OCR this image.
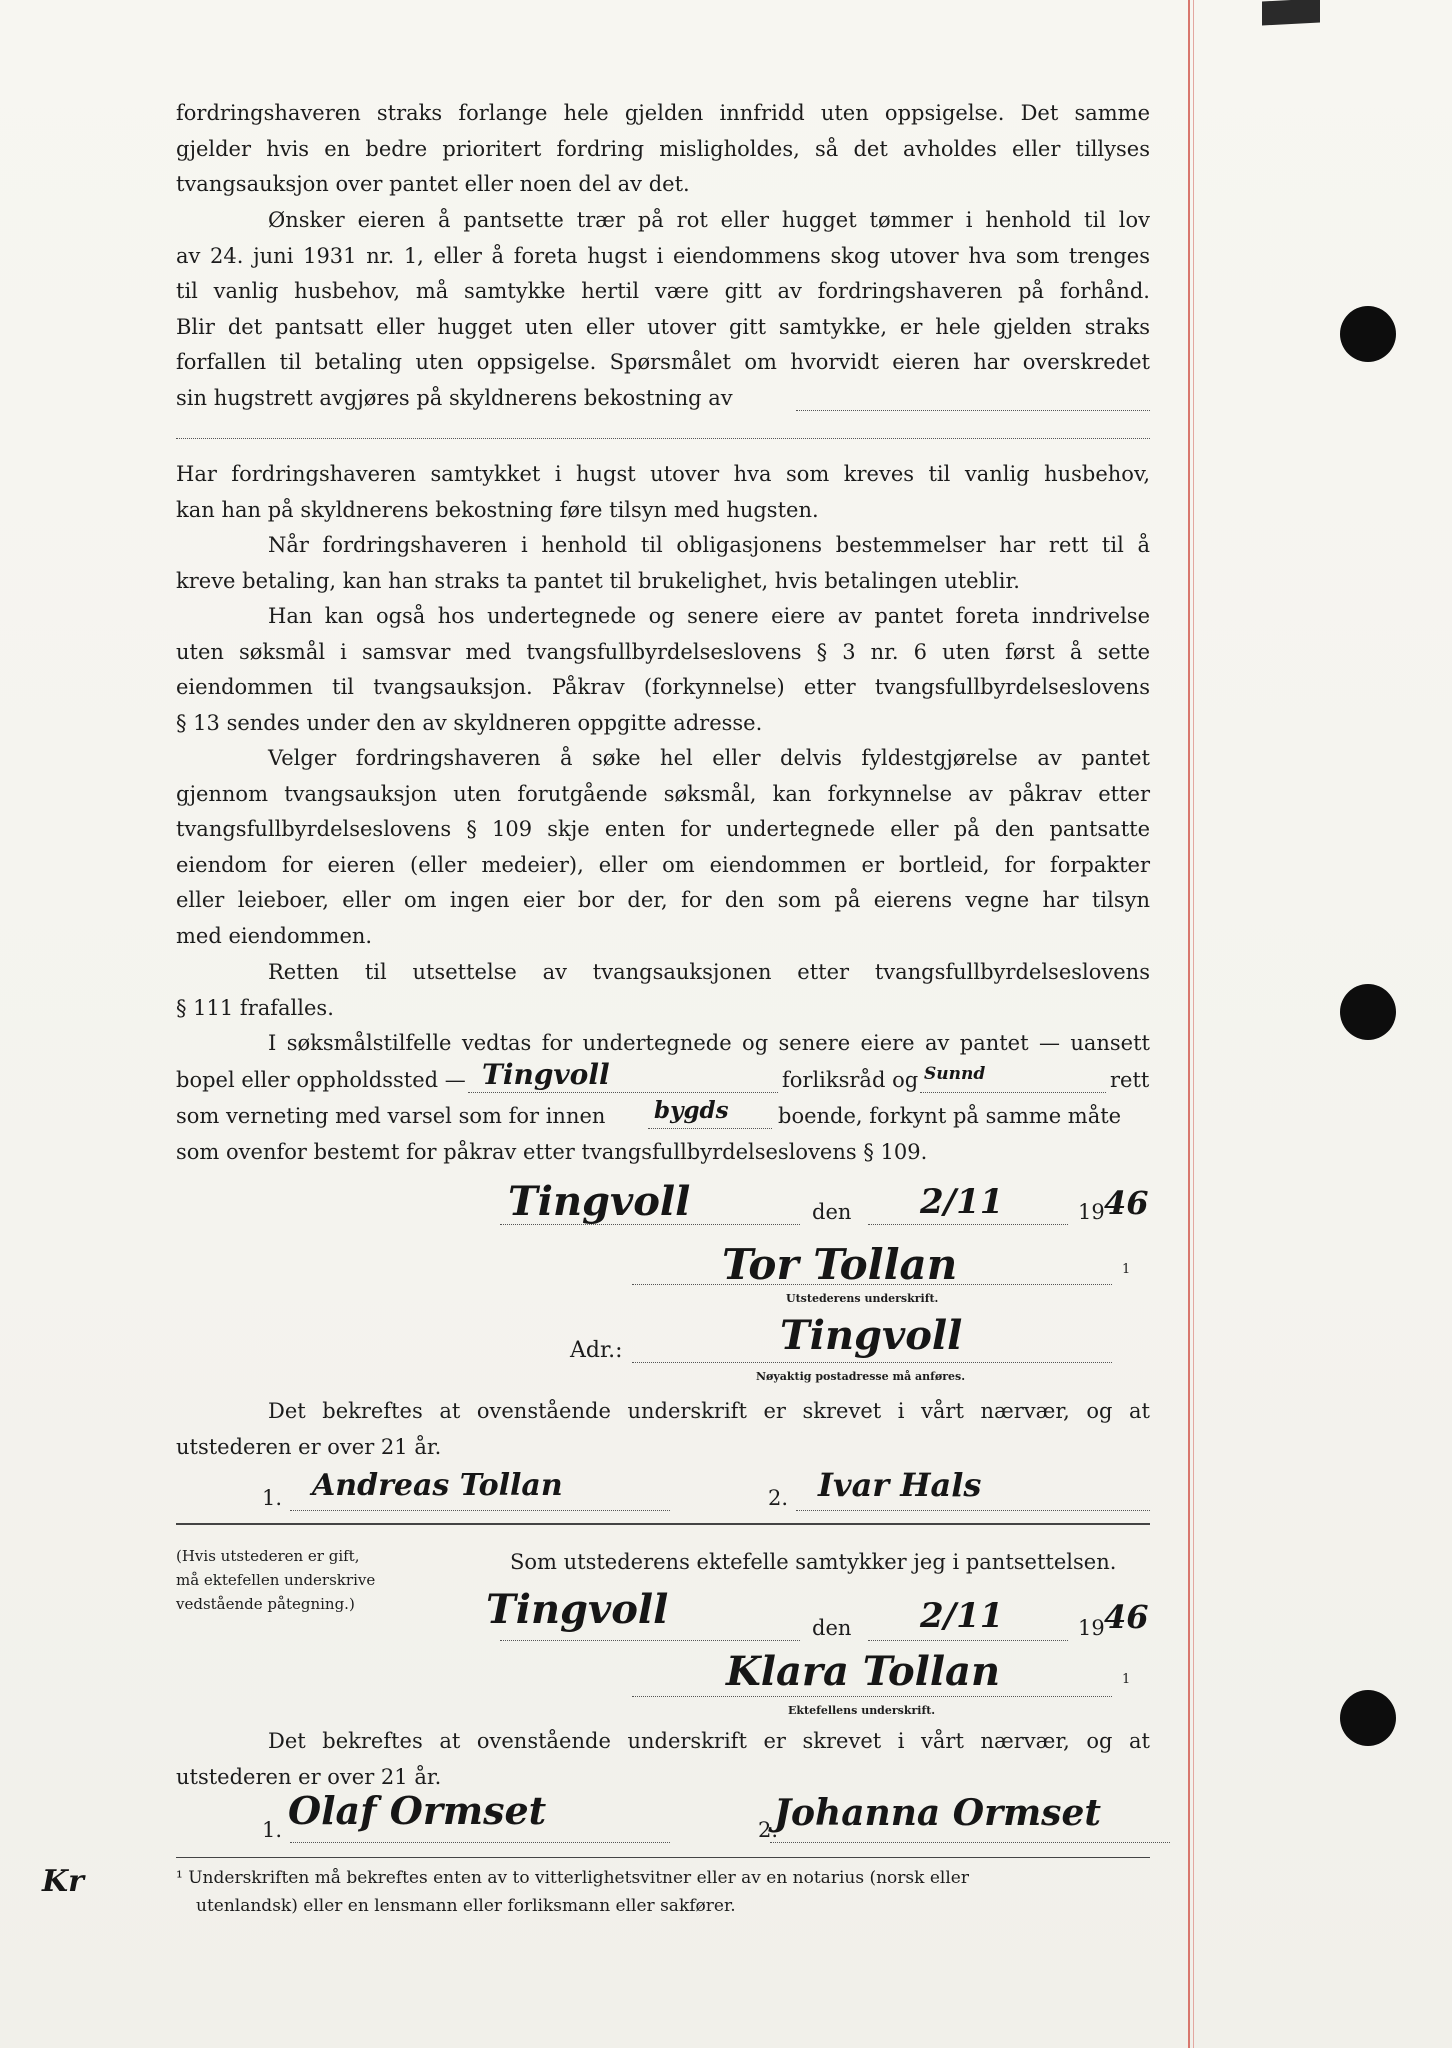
fordringshaveren straks forlange hele gjelden innfridd uten oppsigelse. Det samme
gjelder hvis en bedre prioritert fordring misligholdes, så det avholdes eller tillyses
tvangsauksjon over pantet eller noen del av det.
Ønsker eieren å pantsette trær på rot eller hugget tømmer i henhold til lov
av 24. juni 1931 nr. 1, eller å foreta hugst i eiendommens skog utover hva som trenges
til vanlig husbehov, må samtykke hertil være gitt av fordringshaveren på forhånd.
Blir det pantsatt eller hugget uten eller utover gitt samtykke, er hele gjelden straks
forfallen til betaling uten oppsigelse. Spørsmålet om hvorvidt eieren har overskredet
sin hugstrett avgjøres på skyldnerens bekostning av
Har fordringshaveren samtykket i hugst utover hva som kreves til vanlig husbehov,
kan han på skyldnerens bekostning føre tilsyn med hugsten.
Når fordringshaveren i henhold til obligasjonens bestemmelser har rett til å
kreve betaling, kan han straks ta pantet til brukelighet, hvis betalingen uteblir.
Han kan også hos undertegnede og senere eiere av pantet foreta inndrivelse
uten søksmål i samsvar med tvangsfullbyrdelseslovens § 3 nr. 6 uten først å sette
eiendommen til tvangsauksjon. Påkrav (forkynnelse) etter tvangsfullbyrdelseslovens
§ 13 sendes under den av skyldneren oppgitte adresse.
Velger fordringshaveren å søke hel eller delvis fyldestgjørelse av pantet
gjennom tvangsauksjon uten forutgående søksmål, kan forkynnelse av påkrav etter
tvangsfullbyrdelseslovens § 109 skje enten for undertegnede eller på den pantsatte
eiendom for eieren (eller medeier), eller om eiendommen er bortleid, for forpakter
eller leieboer, eller om ingen eier bor der, for den som på eierens vegne har tilsyn
med eiendommen.
Retten til utsettelse av tvangsauksjonen etter tvangsfullbyrdelseslovens
§ 111 frafalles.
I søksmålstilfelle vedtas for undertegnede og senere eiere av pantet — uansett
bopel eller oppholdssted — Tingvoll	forliksråd og Sunnd	rett
som verneting med varsel som for innen bygds boende, forkynt på samme måte
som ovenfor bestemt for påkrav etter tvangsfullbyrdelseslovens § 109.
Tingvoll	den 2/11	19 46
Tor Tollan	1
Utstederens underskrift.
Adr.:	Tingvoll
Nøyaktig postadresse må anføres.
Det bekreftes at ovenstående underskrift er skrevet i vårt nærvær, og at
utstederen er over 21 år.
1. Andreas Tollan	2. Ivar Hals
(Hvis utstederen er gift,
må ektefellen underskrive
vedstående påtegning.)
Som utstederens ektefelle samtykker jeg i pantsettelsen.
Tingvoll	den 2/11	19 46
Klara Tollan	1
Ektefellens underskrift.
Det bekreftes at ovenstående underskrift er skrevet i vårt nærvær, og at
utstederen er over 21 år.
1. Olaf Ormset	2.
Johanna Ormset
¹ Underskriften må bekreftes enten av to vitterlighetsvitner eller av en notarius (norsk eller
utenlandsk) eller en lensmann eller forliksmann eller sakfører.
Kr
